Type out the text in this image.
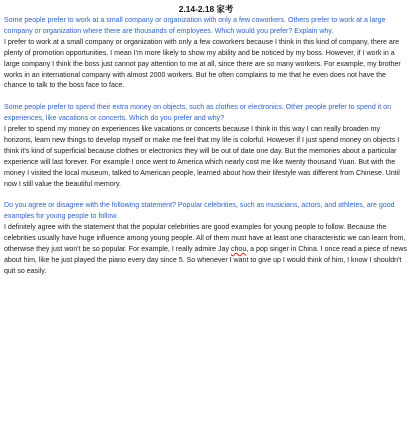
2.14-2.18 家考

Some people prefer to work at a small company or organization with only a few coworkers. Others prefer to work at a large company or organization where there are thousands of employees. Which would you prefer? Explain why.

I prefer to work at a small company or organization with only a few coworkers because I think in this kind of company, there are plenty of promotion opportunities. I mean I'm more likely to show my ability and be noticed by my boss. However, if I work in a large company I think the boss just cannot pay attention to me at all, since there are so many workers. For example, my brother works in an international company with almost 2000 workers. But he often complains to me that he even does not have the chance to talk to the boss face to face.

Some people prefer to spend their extra money on objects, such as clothes or electronics. Other people prefer to spend it on experiences, like vacations or concerts. Which do you prefer and why?

I prefer to spend my money on experiences like vacations or concerts because I think in this way I can really broaden my horizons, learn new things to develop myself or make me feel that my life is colorful. However if I just spend money on objects I think it's kind of superficial because clothes or electronics they will be out of date one day. But the memories about a particular experience will last forever. For example I once went to America which nearly cost me like twenty thousand Yuan. But with the money I visited the local museum, talked to American people, learned about how their lifestyle was different from Chinese. Until now I still value the beautiful memory.

Do you agree or disagree with the following statement? Popular celebrities, such as musicians, actors, and athletes, are good examples for young people to follow.

I definitely agree with the statement that the popular celebrities are good examples for young people to follow. Because the celebrities usually have huge influence among young people. All of them must have at least one characteristic we can learn from, otherwise they just won't be so popular. For example, I really admire Jay chou, a pop singer in China. I once read a piece of news about him, like he just played the piano every day since 5. So whenever I want to give up I would think of him, I know I shouldn't quit so easily.
